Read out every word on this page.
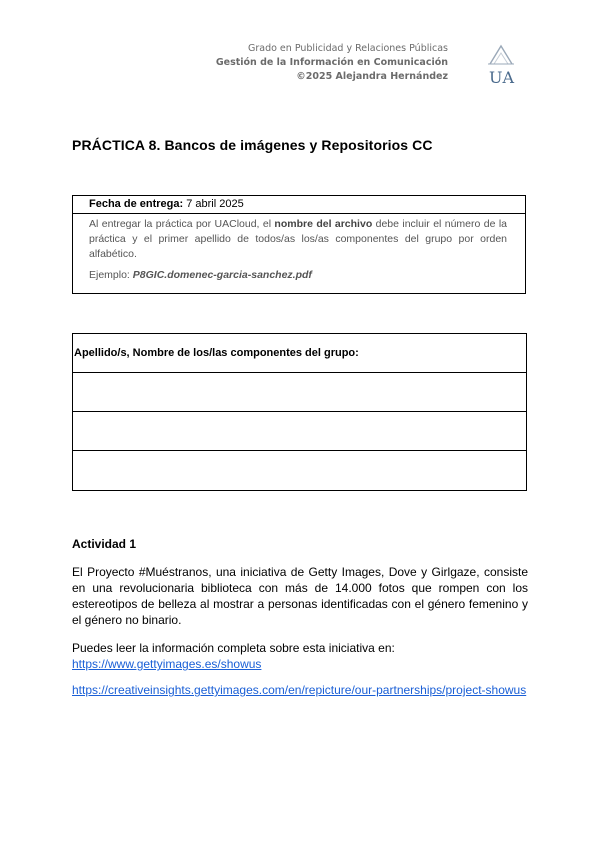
Grado en Publicidad y Relaciones Públicas
Gestión de la Información en Comunicación
©2025 Alejandra Hernández	UA
PRÁCTICA 8. Bancos de imágenes y Repositorios CC
Fecha de entrega: 7 abril 2025
Al entregar la práctica por UACloud, el nombre del archivo debe incluir el número de la práctica y el primer apellido de todos/as los/as componentes del grupo por orden alfabético.
Ejemplo: P8GIC.domenec-garcia-sanchez.pdf
Apellido/s, Nombre de los/las componentes del grupo:
Actividad 1

El Proyecto #Muéstranos, una iniciativa de Getty Images, Dove y Girlgaze, consiste en una revolucionaria biblioteca con más de 14.000 fotos que rompen con los estereotipos de belleza al mostrar a personas identificadas con el género femenino y el género no binario.

Puedes leer la información completa sobre esta iniciativa en:
https://www.gettyimages.es/showus

https://creativeinsights.gettyimages.com/en/repicture/our-partnerships/project-showus
